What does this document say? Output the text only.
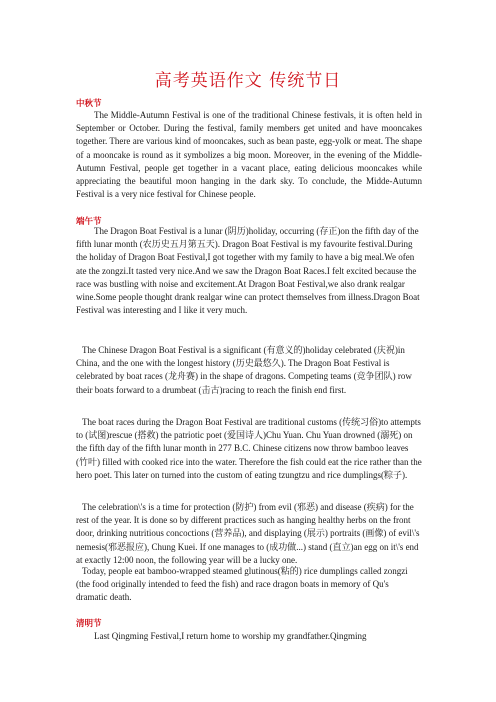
高考英语作文 传统节日
中秋节

The Middle-Autumn Festival is one of the traditional Chinese festivals, it is often held in September or October. During the festival, family members get united and have mooncakes together. There are various kind of mooncakes, such as bean paste, egg-yolk or meat. The shape of a mooncake is round as it symbolizes a big moon. Moreover, in the evening of the Middle-Autumn Festival, people get together in a vacant place, eating delicious mooncakes while appreciating the beautiful moon hanging in the dark sky. To conclude, the Midde-Autumn Festival is a very nice festival for Chinese people.

端午节

The Dragon Boat Festival is a lunar (阴历)holiday, occurring (存正)on the fifth day of the fifth lunar month (农历史五月第五天). Dragon Boat Festival is my favourite festival.During the holiday of Dragon Boat Festival,I got together with my family to have a big meal.We ofen ate the zongzi.It tasted very nice.And we saw the Dragon Boat Races.I felt excited because the race was bustling with noise and excitement.At Dragon Boat Festival,we also drank realgar wine.Some people thought drank realgar wine can protect themselves from illness.Dragon Boat Festival was interesting and I like it very much.

The Chinese Dragon Boat Festival is a significant (有意义的)holiday celebrated (庆祝)in China, and the one with the longest history (历史最悠久). The Dragon Boat Festival is celebrated by boat races (龙舟赛) in the shape of dragons. Competing teams (竞争团队) row their boats forward to a drumbeat (击古)racing to reach the finish end first.

The boat races during the Dragon Boat Festival are traditional customs (传统习俗)to attempts to (试图)rescue (搭救) the patriotic poet (爱国诗人)Chu Yuan. Chu Yuan drowned (溺死) on the fifth day of the fifth lunar month in 277 B.C. Chinese citizens now throw bamboo leaves (竹叶) filled with cooked rice into the water. Therefore the fish could eat the rice rather than the hero poet. This later on turned into the custom of eating tzungtzu and rice dumplings(粽子).

The celebration\'s is a time for protection (防护) from evil (邪恶) and disease (疾病) for the rest of the year. It is done so by different practices such as hanging healthy herbs on the front door, drinking nutritious concoctions (营养品), and displaying (展示) portraits (画像) of evil\'s nemesis(邪恶报应), Chung Kuei. If one manages to (成功做...) stand (直立)an egg on it\'s end at exactly 12:00 noon, the following year will be a lucky one.

Today, people eat bamboo-wrapped steamed glutinous(粘的) rice dumplings called zongzi (the food originally intended to feed the fish) and race dragon boats in memory of Qu's dramatic death.

清明节

Last Qingming Festival,I return home to worship my grandfather.Qingming
